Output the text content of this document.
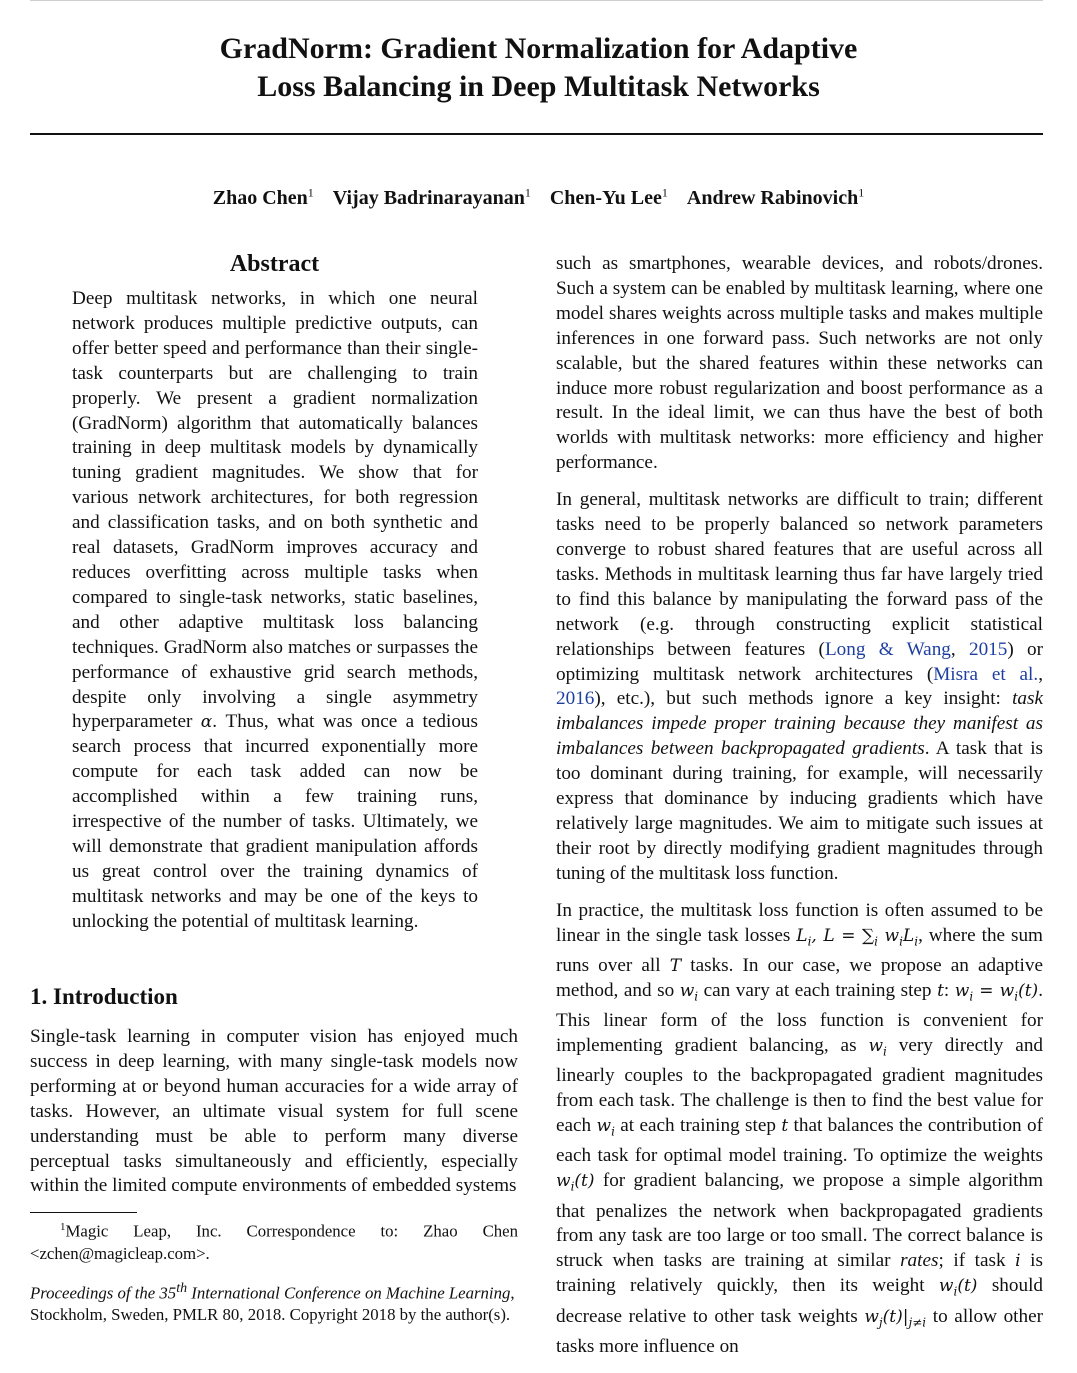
GradNorm: Gradient Normalization for Adaptive
Loss Balancing in Deep Multitask Networks
Zhao Chen$^1$ Vijay Badrinarayanan$^1$ Chen-Yu Lee$^1$ Andrew Rabinovich$^1$
Abstract
Deep multitask networks, in which one neural network produces multiple predictive outputs, can offer better speed and performance than their single-task counterparts but are challenging to train properly. We present a gradient normalization (GradNorm) algorithm that automatically balances training in deep multitask models by dynamically tuning gradient magnitudes. We show that for various network architectures, for both regression and classification tasks, and on both synthetic and real datasets, GradNorm improves accuracy and reduces overfitting across multiple tasks when compared to single-task networks, static baselines, and other adaptive multitask loss balancing techniques. GradNorm also matches or surpasses the performance of exhaustive grid search methods, despite only involving a single asymmetry hyperparameter α. Thus, what was once a tedious search process that incurred exponentially more compute for each task added can now be accomplished within a few training runs, irrespective of the number of tasks. Ultimately, we will demonstrate that gradient manipulation affords us great control over the training dynamics of multitask networks and may be one of the keys to unlocking the potential of multitask learning.
1. Introduction
Single-task learning in computer vision has enjoyed much success in deep learning, with many single-task models now performing at or beyond human accuracies for a wide array of tasks. However, an ultimate visual system for full scene understanding must be able to perform many diverse perceptual tasks simultaneously and efficiently, especially within the limited compute environments of embedded systems
$^1$Magic Leap, Inc. Correspondence to: Zhao Chen <zchen@magicleap.com>.
Proceedings of the 35th International Conference on Machine Learning, Stockholm, Sweden, PMLR 80, 2018. Copyright 2018 by the author(s).

such as smartphones, wearable devices, and robots/drones. Such a system can be enabled by multitask learning, where one model shares weights across multiple tasks and makes multiple inferences in one forward pass. Such networks are not only scalable, but the shared features within these networks can induce more robust regularization and boost performance as a result. In the ideal limit, we can thus have the best of both worlds with multitask networks: more efficiency and higher performance.

In general, multitask networks are difficult to train; different tasks need to be properly balanced so network parameters converge to robust shared features that are useful across all tasks. Methods in multitask learning thus far have largely tried to find this balance by manipulating the forward pass of the network (e.g. through constructing explicit statistical relationships between features (Long & Wang, 2015) or optimizing multitask network architectures (Misra et al., 2016), etc.), but such methods ignore a key insight: task imbalances impede proper training because they manifest as imbalances between backpropagated gradients. A task that is too dominant during training, for example, will necessarily express that dominance by inducing gradients which have relatively large magnitudes. We aim to mitigate such issues at their root by directly modifying gradient magnitudes through tuning of the multitask loss function.

In practice, the multitask loss function is often assumed to be linear in the single task losses $L_i$, $L = \sum_i$ $w_iL_i$, where the sum runs over all T tasks. In our case, we propose an adaptive method, and so $w_i$ can vary at each training step t: $w_i = w_i(t)$. This linear form of the loss function is convenient for implementing gradient balancing, as $w_i$ very directly and linearly couples to the backpropagated gradient magnitudes from each task. The challenge is then to find the best value for each $w_i$ at each training step t that balances the contribution of each task for optimal model training. To optimize the weights $w_i(t)$ for gradient balancing, we propose a simple algorithm that penalizes the network when backpropagated gradients from any task are too large or too small. The correct balance is struck when tasks are training at similar rates; if task i is training relatively quickly, then its weight $w_i(t)$ should decrease relative to other task weights $w_j(t)|_{j\ne i}$ to allow other tasks more influence on
